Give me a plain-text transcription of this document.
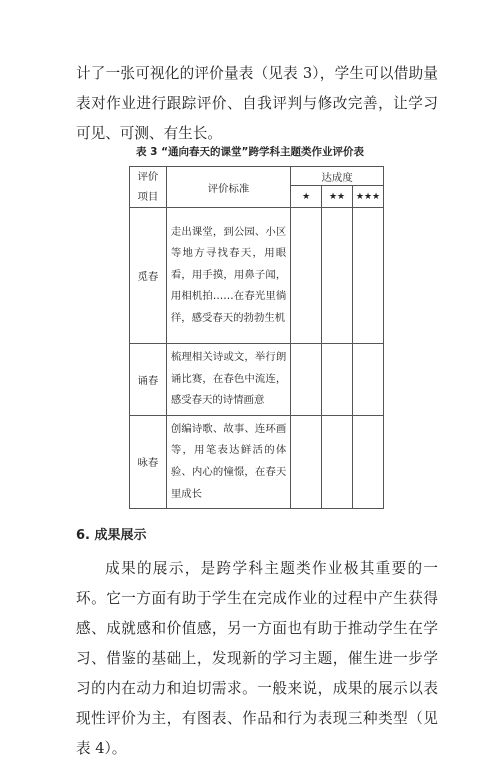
计了一张可视化的评价量表（见表 3），学生可以借助量表对作业进行跟踪评价、自我评判与修改完善，让学习可见、可测、有生长。

表 3 “通向春天的课堂”跨学科主题类作业评价表
评价
项目	评价标准	达成度		
		★	★★	★★★
觅春	走出课堂，到公园、小区等地方寻找春天，用眼看，用手摸，用鼻子闻，用相机拍……在春光里徜徉，感受春天的勃勃生机			
诵春	梳理相关诗或文，举行朗诵比赛，在春色中流连，感受春天的诗情画意			
咏春	创编诗歌、故事、连环画等，用笔表达鲜活的体验、内心的憧憬，在春天里成长			
6. 成果展示

成果的展示，是跨学科主题类作业极其重要的一环。它一方面有助于学生在完成作业的过程中产生获得感、成就感和价值感，另一方面也有助于推动学生在学习、借鉴的基础上，发现新的学习主题，催生进一步学习的内在动力和迫切需求。一般来说，成果的展示以表现性评价为主，有图表、作品和行为表现三种类型（见表 4）。
